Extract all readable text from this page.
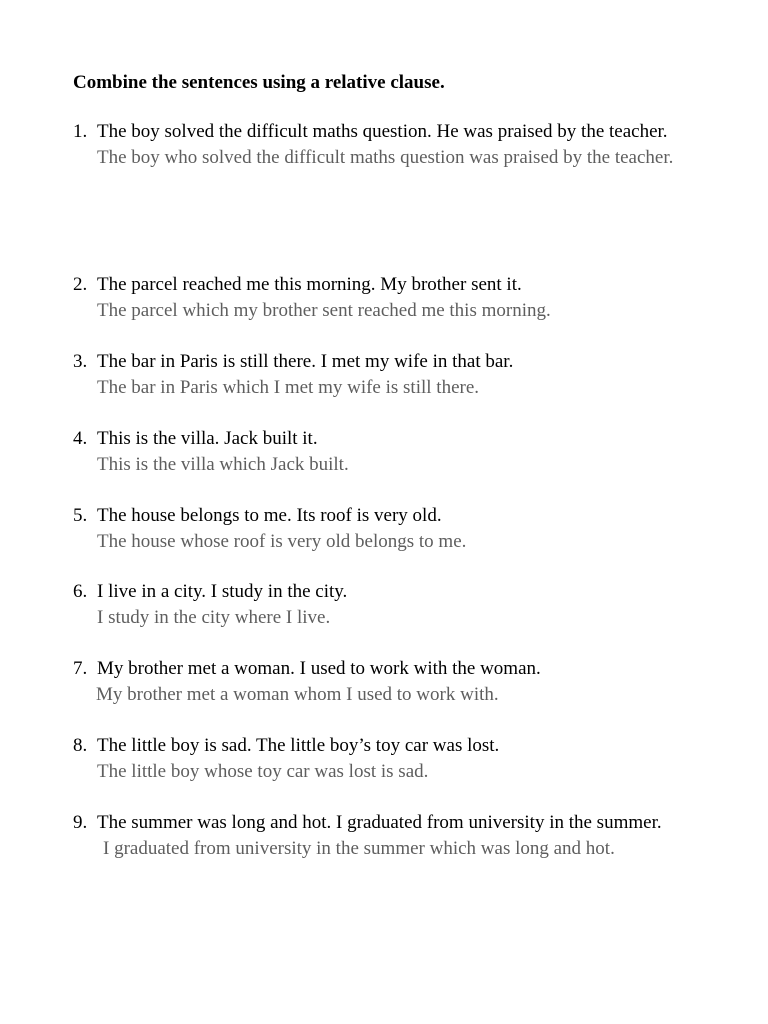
Combine the sentences using a relative clause.
1. The boy solved the difficult maths question. He was praised by the teacher.
The boy who solved the difficult maths question was praised by the teacher.
2. The parcel reached me this morning. My brother sent it.
The parcel which my brother sent reached me this morning.
3. The bar in Paris is still there. I met my wife in that bar.
The bar in Paris which I met my wife is still there.
4. This is the villa. Jack built it.
This is the villa which Jack built.
5. The house belongs to me. Its roof is very old.
The house whose roof is very old belongs to me.
6. I live in a city. I study in the city.
I study in the city where I live.
7. My brother met a woman. I used to work with the woman.
My brother met a woman whom I used to work with.
8. The little boy is sad. The little boy’s toy car was lost.
The little boy whose toy car was lost is sad.
9. The summer was long and hot. I graduated from university in the summer.
I graduated from university in the summer which was long and hot.
